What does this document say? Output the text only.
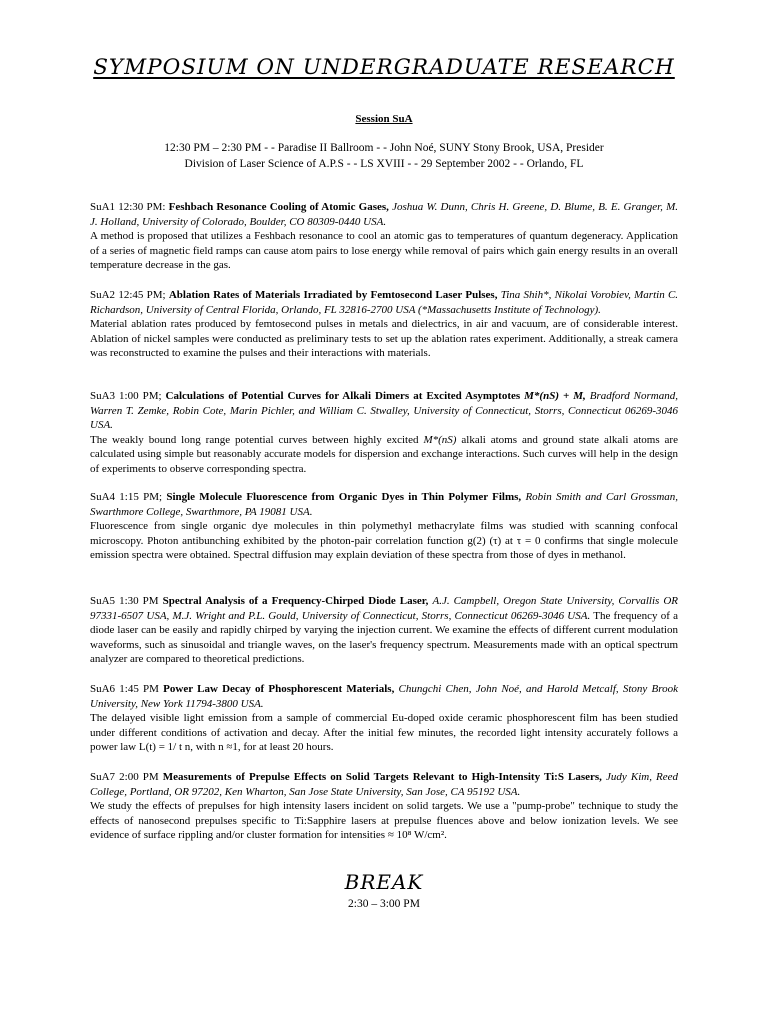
SYMPOSIUM ON UNDERGRADUATE RESEARCH
Session SuA
12:30 PM – 2:30 PM - - Paradise II Ballroom - - John Noé, SUNY Stony Brook, USA, Presider
Division of Laser Science of A.P.S - - LS XVIII - - 29 September 2002 - - Orlando, FL

SuA1 12:30 PM: Feshbach Resonance Cooling of Atomic Gases, Joshua W. Dunn, Chris H. Greene, D. Blume, B. E. Granger, M. J. Holland, University of Colorado, Boulder, CO 80309-0440 USA.

A method is proposed that utilizes a Feshbach resonance to cool an atomic gas to temperatures of quantum degeneracy. Application of a series of magnetic field ramps can cause atom pairs to lose energy while removal of pairs which gain energy results in an overall temperature decrease in the gas.

SuA2 12:45 PM; Ablation Rates of Materials Irradiated by Femtosecond Laser Pulses, Tina Shih*, Nikolai Vorobiev, Martin C. Richardson, University of Central Florida, Orlando, FL 32816-2700 USA (*Massachusetts Institute of Technology).

Material ablation rates produced by femtosecond pulses in metals and dielectrics, in air and vacuum, are of considerable interest. Ablation of nickel samples were conducted as preliminary tests to set up the ablation rates experiment. Additionally, a streak camera was reconstructed to examine the pulses and their interactions with materials.

SuA3 1:00 PM; Calculations of Potential Curves for Alkali Dimers at Excited Asymptotes M*(nS) + M, Bradford Normand, Warren T. Zemke, Robin Cote, Marin Pichler, and William C. Stwalley, University of Connecticut, Storrs, Connecticut 06269-3046 USA.

The weakly bound long range potential curves between highly excited M*(nS) alkali atoms and ground state alkali atoms are calculated using simple but reasonably accurate models for dispersion and exchange interactions. Such curves will help in the design of experiments to observe corresponding spectra.

SuA4 1:15 PM; Single Molecule Fluorescence from Organic Dyes in Thin Polymer Films, Robin Smith and Carl Grossman, Swarthmore College, Swarthmore, PA 19081 USA.

Fluorescence from single organic dye molecules in thin polymethyl methacrylate films was studied with scanning confocal microscopy. Photon antibunching exhibited by the photon-pair correlation function g(2) (τ) at τ = 0 confirms that single molecule emission spectra were obtained. Spectral diffusion may explain deviation of these spectra from those of dyes in methanol.

SuA5 1:30 PM Spectral Analysis of a Frequency-Chirped Diode Laser, A.J. Campbell, Oregon State University, Corvallis OR 97331-6507 USA, M.J. Wright and P.L. Gould, University of Connecticut, Storrs, Connecticut 06269-3046 USA. The frequency of a diode laser can be easily and rapidly chirped by varying the injection current. We examine the effects of different current modulation waveforms, such as sinusoidal and triangle waves, on the laser's frequency spectrum. Measurements made with an optical spectrum analyzer are compared to theoretical predictions.

SuA6 1:45 PM Power Law Decay of Phosphorescent Materials, Chungchi Chen, John Noé, and Harold Metcalf, Stony Brook University, New York 11794-3800 USA.

The delayed visible light emission from a sample of commercial Eu-doped oxide ceramic phosphorescent film has been studied under different conditions of activation and decay. After the initial few minutes, the recorded light intensity accurately follows a power law L(t) = 1/ t n, with n ≈1, for at least 20 hours.

SuA7 2:00 PM Measurements of Prepulse Effects on Solid Targets Relevant to High-Intensity Ti:S Lasers, Judy Kim, Reed College, Portland, OR 97202, Ken Wharton, San Jose State University, San Jose, CA 95192 USA.

We study the effects of prepulses for high intensity lasers incident on solid targets. We use a "pump-probe" technique to study the effects of nanosecond prepulses specific to Ti:Sapphire lasers at prepulse fluences above and below ionization levels. We see evidence of surface rippling and/or cluster formation for intensities ≈ 10⁸ W/cm².

BREAK
2:30 – 3:00 PM
